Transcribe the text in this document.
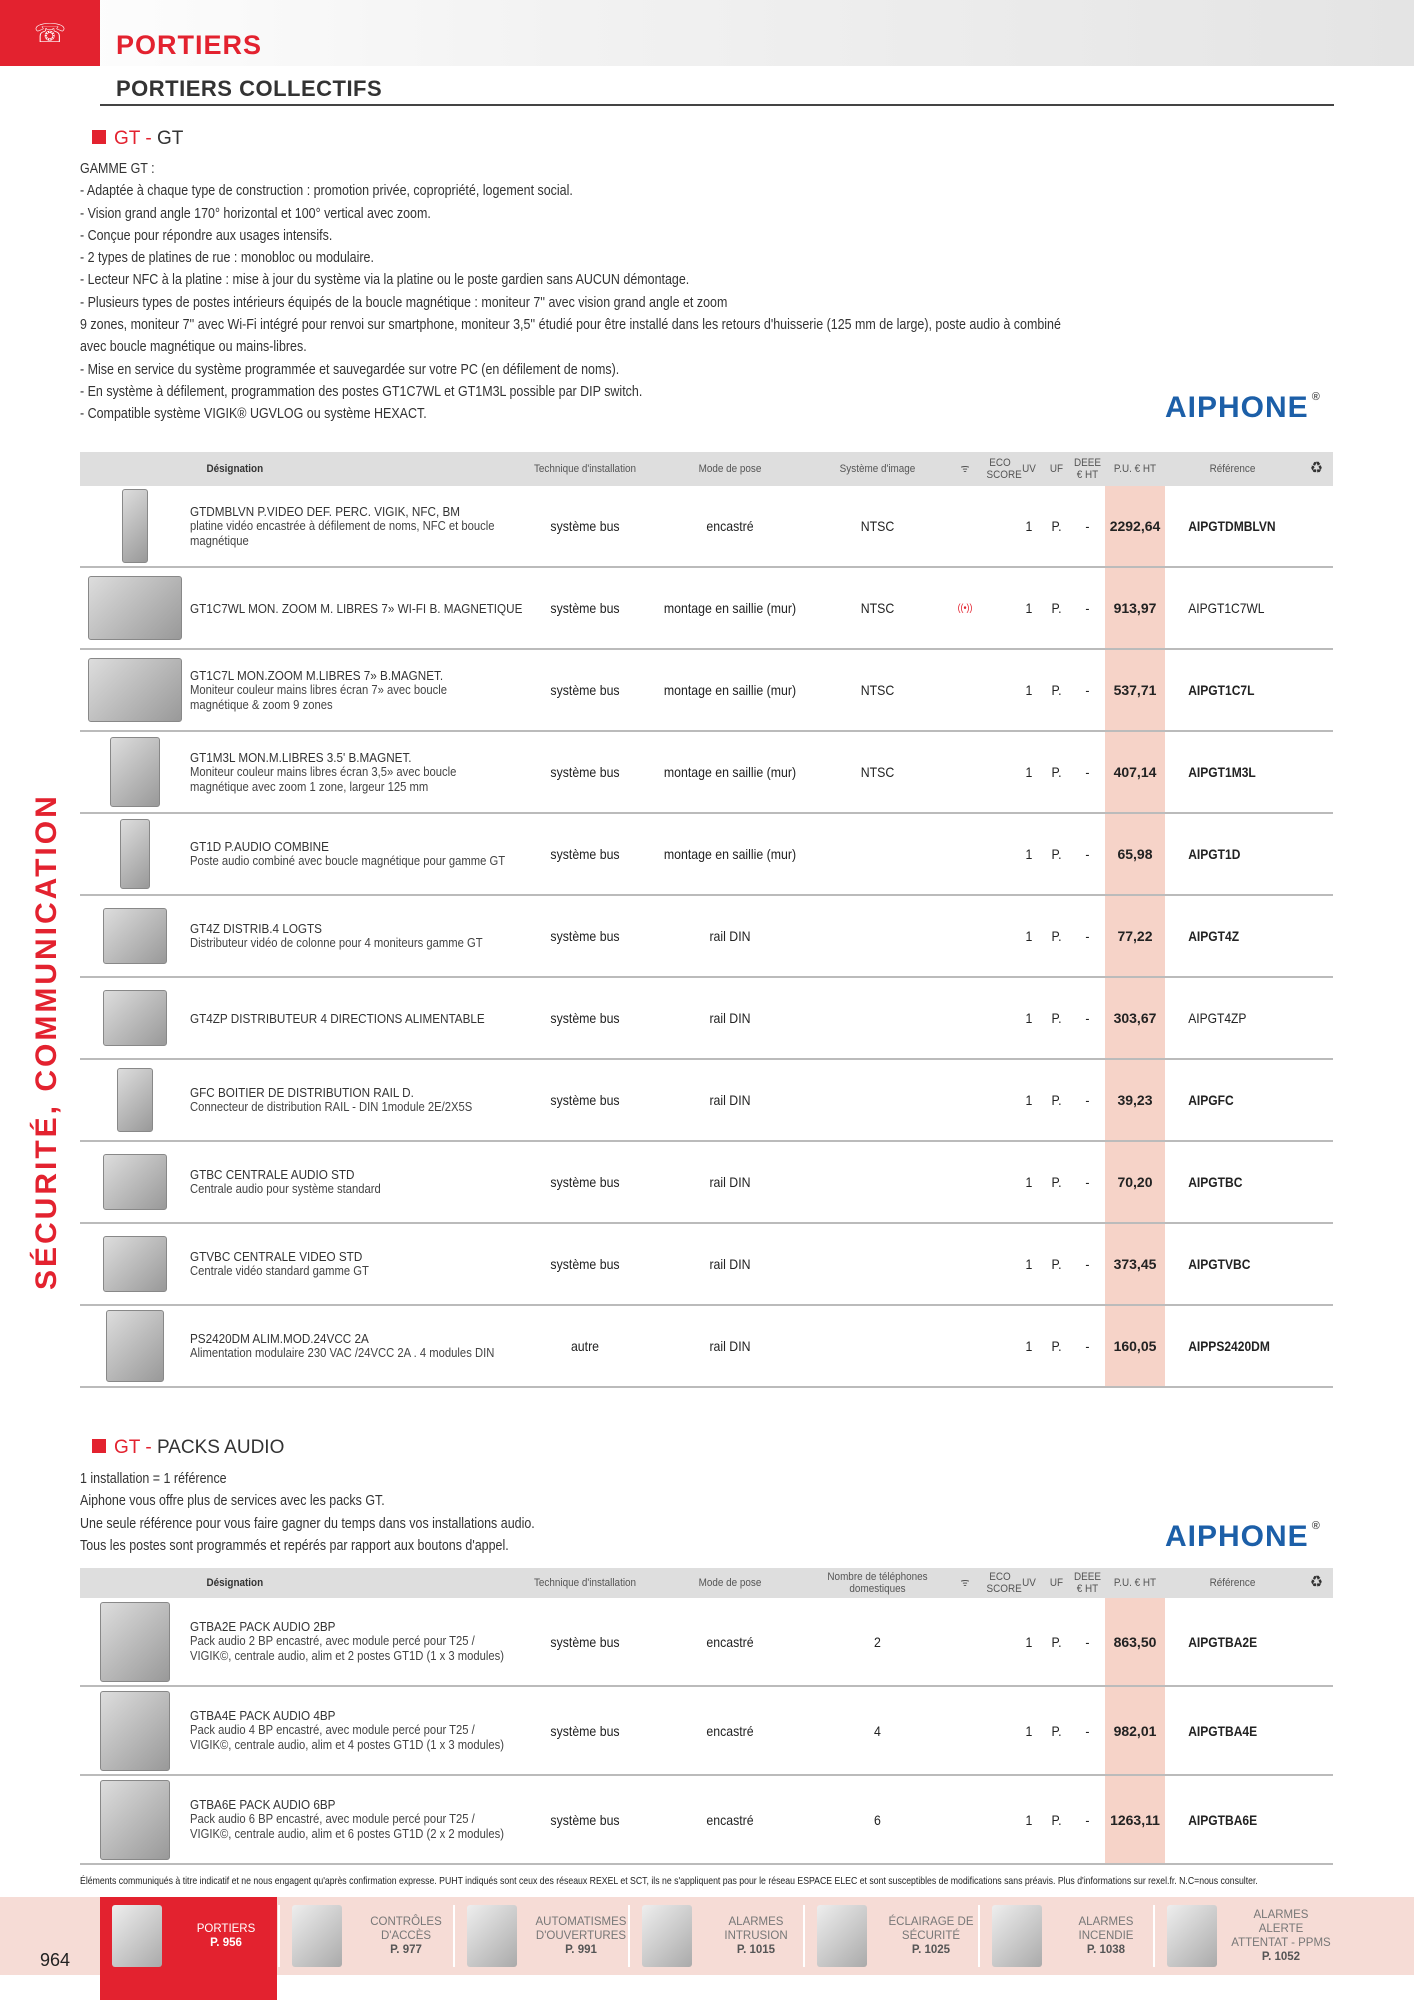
☏	PORTIERS
PORTIERS COLLECTIFS
SÉCURITÉ, COMMUNICATION
GT - GT
GAMME GT :
- Adaptée à chaque type de construction : promotion privée, copropriété, logement social.
- Vision grand angle 170° horizontal et 100° vertical avec zoom.
- Conçue pour répondre aux usages intensifs.
- 2 types de platines de rue : monobloc ou modulaire.
- Lecteur NFC à la platine : mise à jour du système via la platine ou le poste gardien sans AUCUN démontage.
- Plusieurs types de postes intérieurs équipés de la boucle magnétique : moniteur 7'' avec vision grand angle et zoom
9 zones, moniteur 7'' avec Wi-Fi intégré pour renvoi sur smartphone, moniteur 3,5'' étudié pour être installé dans les retours d'huisserie (125 mm de large), poste audio à combiné
avec boucle magnétique ou mains-libres.
- Mise en service du système programmée et sauvegardée sur votre PC (en défilement de noms).
- En système à défilement, programmation des postes GT1C7WL et GT1M3L possible par DIP switch.
- Compatible système VIGIK® UGVLOG ou système HEXACT.	AIPHONE ®
Désignation	Technique d'installation	Mode de pose	Système d'image	ᯤ	ECO SCORE UV	UF DEEE € HT	P.U. € HT	Référence	♻
GTDMBLVN P.VIDEO DEF. PERC. VIGIK, NFC, BM
platine vidéo encastrée à défilement de noms, NFC et boucle
magnétique
système bus	encastré	NTSC	1	P.	-	2292,64	AIPGTDMBLVN
GT1C7WL MON. ZOOM M. LIBRES 7» WI-FI B. MAGNETIQUE	système bus	montage en saillie (mur)	NTSC	((•))	1	P.	-	913,97	AIPGT1C7WL
GT1C7L MON.ZOOM M.LIBRES 7» B.MAGNET.
Moniteur couleur mains libres écran 7» avec boucle
magnétique & zoom 9 zones
système bus	montage en saillie (mur)	NTSC	1	P.	-	537,71	AIPGT1C7L
GT1M3L MON.M.LIBRES 3.5' B.MAGNET.
Moniteur couleur mains libres écran 3,5» avec boucle
magnétique avec zoom 1 zone, largeur 125 mm
système bus	montage en saillie (mur)	NTSC	1	P.	-	407,14	AIPGT1M3L
GT1D P.AUDIO COMBINE
Poste audio combiné avec boucle magnétique pour gamme GT	système bus	montage en saillie (mur)	1	P.	-	65,98	AIPGT1D
GT4Z DISTRIB.4 LOGTS
Distributeur vidéo de colonne pour 4 moniteurs gamme GT	système bus	rail DIN	1	P.	-	77,22	AIPGT4Z
GT4ZP DISTRIBUTEUR 4 DIRECTIONS ALIMENTABLE	système bus	rail DIN	1	P.	-	303,67	AIPGT4ZP
GFC BOITIER DE DISTRIBUTION RAIL D.
Connecteur de distribution RAIL - DIN 1module 2E/2X5S	système bus	rail DIN	1	P.	-	39,23	AIPGFC
GTBC CENTRALE AUDIO STD
Centrale audio pour système standard	système bus	rail DIN	1	P.	-	70,20	AIPGTBC
GTVBC CENTRALE VIDEO STD
Centrale vidéo standard gamme GT	système bus	rail DIN	1	P.	-	373,45	AIPGTVBC
PS2420DM ALIM.MOD.24VCC 2A
Alimentation modulaire 230 VAC /24VCC 2A . 4 modules DIN	autre	rail DIN	1	P.	-	160,05	AIPPS2420DM
GT - PACKS AUDIO
1 installation = 1 référence
Aiphone vous offre plus de services avec les packs GT.
Une seule référence pour vous faire gagner du temps dans vos installations audio.
Tous les postes sont programmés et repérés par rapport aux boutons d'appel.	AIPHONE ®
Désignation	Technique d'installation	Mode de pose	Nombre de téléphones domestiques	ᯤ	ECO SCORE UV	UF DEEE € HT	P.U. € HT	Référence	♻
GTBA2E PACK AUDIO 2BP
Pack audio 2 BP encastré, avec module percé pour T25 /
VIGIK©, centrale audio, alim et 2 postes GT1D (1 x 3 modules)
système bus	encastré	2	1	P.	-	863,50	AIPGTBA2E
GTBA4E PACK AUDIO 4BP
Pack audio 4 BP encastré, avec module percé pour T25 /
VIGIK©, centrale audio, alim et 4 postes GT1D (1 x 3 modules)
système bus	encastré	4	1	P.	-	982,01	AIPGTBA4E
GTBA6E PACK AUDIO 6BP
Pack audio 6 BP encastré, avec module percé pour T25 /
VIGIK©, centrale audio, alim et 6 postes GT1D (2 x 2 modules)
système bus	encastré	6	1	P.	-	1263,11	AIPGTBA6E
Éléments communiqués à titre indicatif et ne nous engagent qu'après confirmation expresse. PUHT indiqués sont ceux des réseaux REXEL et SCT, ils ne s'appliquent pas pour le réseau ESPACE ELEC et sont susceptibles de modifications sans préavis. Plus d'informations sur rexel.fr. N.C=nous consulter.
964
PORTIERS
P. 956
CONTRÔLES D'ACCÈS
P. 977
AUTOMATISMES D'OUVERTURES
P. 991
ALARMES INTRUSION
P. 1015
ÉCLAIRAGE DE SÉCURITÉ
P. 1025
ALARMES INCENDIE
P. 1038
ALARMES ALERTE ATTENTAT - PPMS
P. 1052
